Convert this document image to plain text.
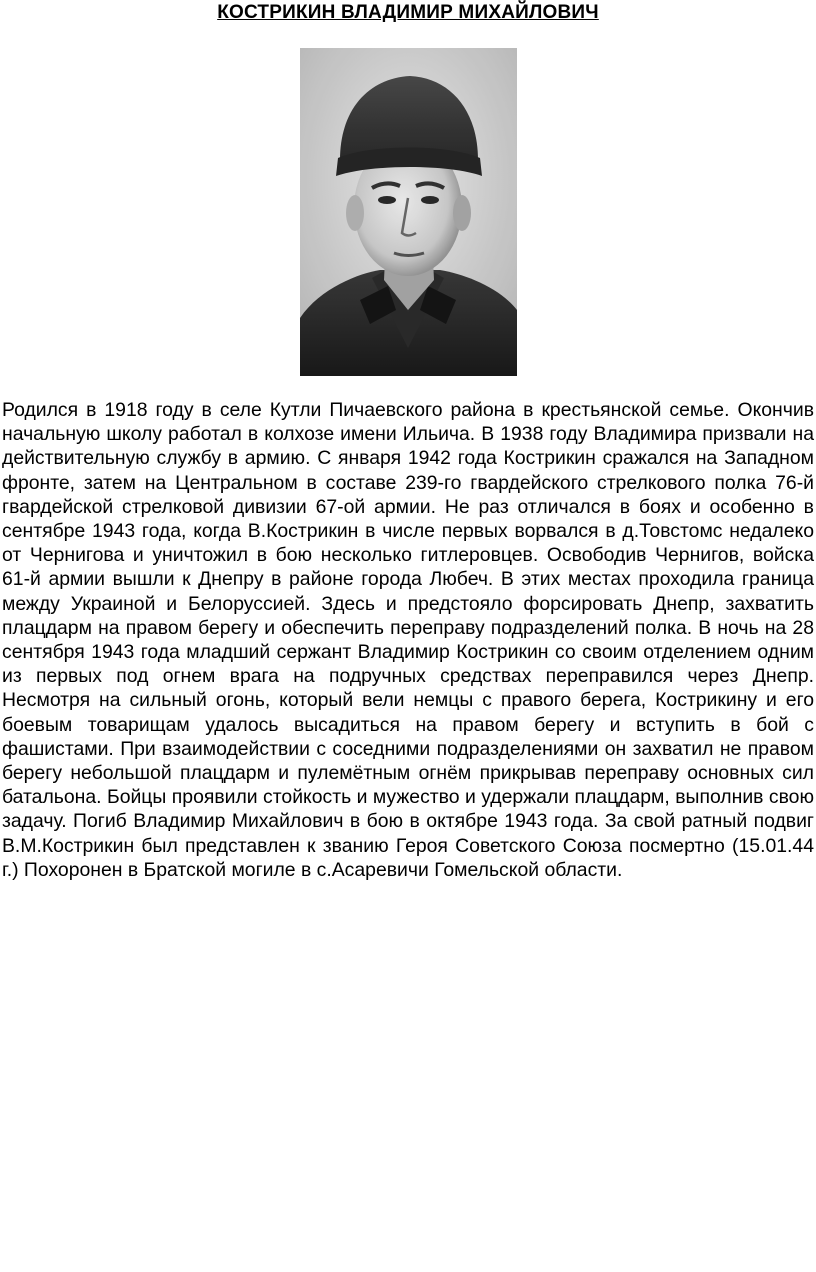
КОСТРИКИН ВЛАДИМИР МИХАЙЛОВИЧ

Родился в 1918 году в селе Кутли Пичаевского района в крестьянской семье. Окончив начальную школу работал в колхозе имени Ильича. В 1938 году Владимира призвали на действительную службу в армию. С января 1942 года Кострикин сражался на Западном фронте, затем на Центральном в составе 239-го гвардейского стрелкового полка 76-й гвардейской стрелковой дивизии 67-ой армии. Не раз отличался в боях и особенно в сентябре 1943 года, когда В.Кострикин в числе первых ворвался в д.Товстомс недалеко от Чернигова и уничтожил в бою несколько гитлеровцев. Освободив Чернигов, войска 61-й армии вышли к Днепру в районе города Любеч. В этих местах проходила граница между Украиной и Белоруссией. Здесь и предстояло форсировать Днепр, захватить плацдарм на правом берегу и обеспечить переправу подразделений полка. В ночь на 28 сентября 1943 года младший сержант Владимир Кострикин со своим отделением одним из первых под огнем врага на подручных средствах переправился через Днепр. Несмотря на сильный огонь, который вели немцы с правого берега, Кострикину и его боевым товарищам удалось высадиться на правом берегу и вступить в бой с фашистами. При взаимодействии с соседними подразделениями он захватил не правом берегу небольшой плацдарм и пулемётным огнём прикрывав переправу основных сил батальона. Бойцы проявили стойкость и мужество и удержали плацдарм, выполнив свою задачу. Погиб Владимир Михайлович в бою в октябре 1943 года. За свой ратный подвиг В.М.Кострикин был представлен к званию Героя Советского Союза посмертно (15.01.44 г.) Похоронен в Братской могиле в с.Асаревичи Гомельской области.
